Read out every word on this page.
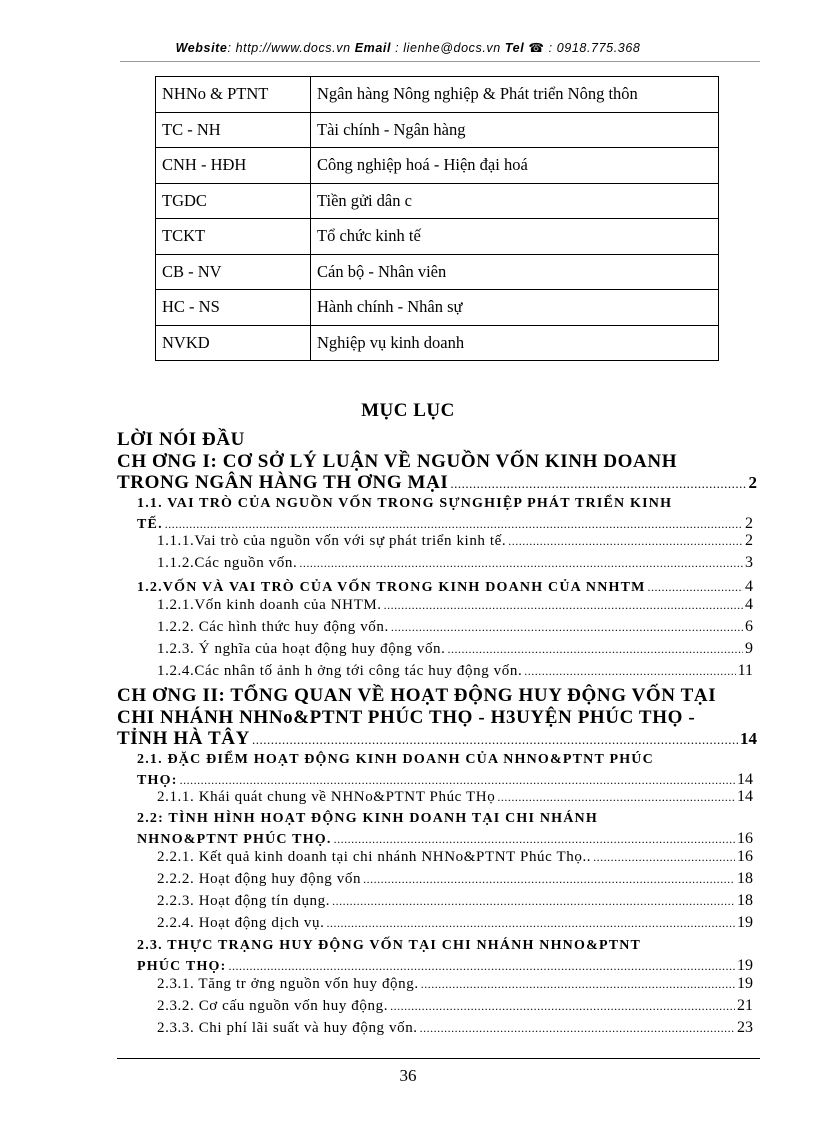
Website: http://www.docs.vn Email : lienhe@docs.vn Tel ☎ : 0918.775.368
NHNo & PTNT	Ngân hàng Nông nghiệp & Phát triển Nông thôn
TC - NH	Tài chính - Ngân hàng
CNH - HĐH	Công nghiệp hoá - Hiện đại hoá
TGDC	Tiền gửi dân c
TCKT	Tổ chức kinh tế
CB - NV	Cán bộ - Nhân viên
HC - NS	Hành chính - Nhân sự
NVKD	Nghiệp vụ kinh doanh
MỤC LỤC
LỜI NÓI ĐẦU
CH ƠNG I: CƠ SỞ LÝ LUẬN VỀ NGUỒN VỐN KINH DOANH
TRONG NGÂN HÀNG TH ƠNG MẠI .....	2
1.1. VAI TRÒ CỦA NGUỒN VỐN TRONG SỰNGHIỆP PHÁT TRIỂN KINH
TẾ. .....	2
1.1.1.Vai trò của nguồn vốn với sự phát triển kinh tế. .....	2
1.1.2.Các nguồn vốn. .....	3
1.2.VỐN VÀ VAI TRÒ CỦA VỐN TRONG KINH DOANH CỦA NNHTM .....	4
1.2.1.Vốn kinh doanh của NHTM. .....	4
1.2.2. Các hình thức huy động vốn. .....	6
1.2.3. Ý nghĩa của hoạt động huy động vốn. .....	9
1.2.4.Các nhân tố ảnh h ởng tới công tác huy động vốn. .....	11
CH ƠNG II: TỔNG QUAN VỀ HOẠT ĐỘNG HUY ĐỘNG VỐN TẠI
CHI NHÁNH NHNo&PTNT PHÚC THỌ - H3UYỆN PHÚC THỌ -
TỈNH HÀ TÂY .....	14
2.1. ĐẶC ĐIỂM HOẠT ĐỘNG KINH DOANH CỦA NHNO&PTNT PHÚC
THỌ: .....	14
2.1.1. Khái quát chung về NHNo&PTNT Phúc THọ .....	14
2.2: TÌNH HÌNH HOẠT ĐỘNG KINH DOANH TẠI CHI NHÁNH
NHNO&PTNT PHÚC THỌ. .....	16
2.2.1. Kết quả kinh doanh tại chi nhánh NHNo&PTNT Phúc Thọ.. .....	16
2.2.2. Hoạt động huy động vốn .....	18
2.2.3. Hoạt động tín dụng. .....	18
2.2.4. Hoạt động dịch vụ. .....	19
2.3. THỰC TRẠNG HUY ĐỘNG VỐN TẠI CHI NHÁNH NHNO&PTNT
PHÚC THỌ: .....	19
2.3.1. Tăng tr ởng nguồn vốn huy động. .....	19
2.3.2. Cơ cấu nguồn vốn huy động. .....	21
2.3.3. Chi phí lãi suất và huy động vốn. .....	23
36
